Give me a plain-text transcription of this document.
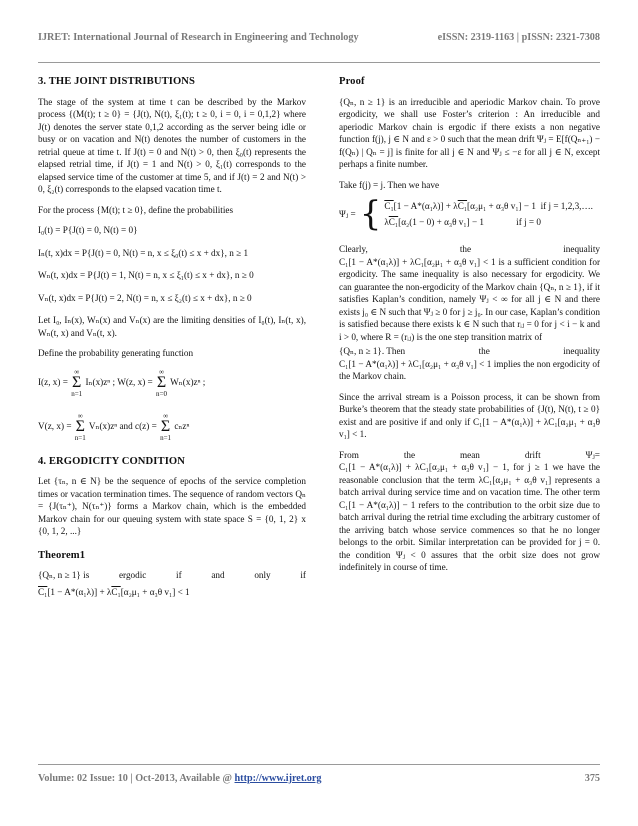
IJRET: International Journal of Research in Engineering and Technology	eISSN: 2319-1163 | pISSN: 2321-7308
3. THE JOINT DISTRIBUTIONS

The stage of the system at time t can be described by the Markov process {(M(t); t ≥ 0} = {J(t), N(t), ξ₁(t); t ≥ 0, i = 0, i = 0,1,2} where J(t) denotes the server state 0,1,2 according as the server being idle or busy or on vacation and N(t) denotes the number of customers in the retrial queue at time t. If J(t) = 0 and N(t) > 0, then ξ₀(t) represents the elapsed retrial time, if J(t) = 1 and N(t) > 0, ξ₁(t) corresponds to the elapsed service time of the customer at time 5, and if J(t) = 2 and N(t) > 0, ξ₂(t) corresponds to the elapsed vacation time t.

For the process {M(t); t ≥ 0}, define the probabilities

I₀(t) = P{J(t) = 0, N(t) = 0}
Iₙ(t, x)dx = P{J(t) = 0, N(t) = n, x ≤ ξ₀(t) ≤ x + dx}, n ≥ 1
Wₙ(t, x)dx = P{J(t) = 1, N(t) = n, x ≤ ξ₁(t) ≤ x + dx}, n ≥ 0
Vₙ(t, x)dx = P{J(t) = 2, N(t) = n, x ≤ ξ₂(t) ≤ x + dx}, n ≥ 0

Let I₀, Iₙ(x), Wₙ(x) and Vₙ(x) are the limiting densities of I₀(t), Iₙ(t, x), Wₙ(t, x) and Vₙ(t, x).

Define the probability generating function

I(z, x) = ∞
Σ
n=1 Iₙ(x)zⁿ ; W(z, x) = ∞
Σ
n=0 Wₙ(x)zⁿ ;
V(z, x) = ∞
Σ
n=1 Vₙ(x)zⁿ and c(z) = ∞
Σ
n=1 cₙzⁿ
4. ERGODICITY CONDITION

Let {τₙ, n ∈ N} be the sequence of epochs of the service completion times or vacation termination times. The sequence of random vectors Qₙ = {J(τₙ⁺), N(τₙ⁺)} forms a Markov chain, which is the embedded Markov chain for our queuing system with state space S = {0, 1, 2} x {0, 1, 2, ...}

Theorem1
{Qₙ, n ≥ 1} is	ergodic	if	and	only	if
C₁[1 − A*(α₁λ)] + λC₁[α₂μ₁ + α₃θ v₁] < 1
Proof

{Qₙ, n ≥ 1} is an irreducible and aperiodic Markov chain. To prove ergodicity, we shall use Foster’s criterion : An irreducible and aperiodic Markov chain is ergodic if there exists a non negative function f(j), j ∈ N and ε > 0 such that the mean drift Ψⱼ = E[f(Qₙ₊₁) − f(Qₙ) | Qₙ = j] is finite for all j ∈ N and Ψⱼ ≤ −ε for all j ∈ N, except perhaps a finite number.

Take f(j) = j. Then we have

Ψⱼ = { C₁[1 − A*(α₁λ)] + λC₁[α₂μ₁ + α₃θ v₁] − 1 if j = 1,2,3,….
λC₁[α₂(1 − 0) + α₃θ v₁] − 1	if j = 0
Clearly,	the	inequality

C₁[1 − A*(α₁λ)] + λC₁[α₂μ₁ + α₃θ v₁] < 1 is a sufficient condition for ergodicity. The same inequality is also necessary for ergodicity. We can guarantee the non-ergodicity of the Markov chain {Qₙ, n ≥ 1}, if it satisfies Kaplan’s condition, namely Ψⱼ < ∞ for all j ∈ N and there exists j₀ ∈ N such that Ψⱼ ≥ 0 for j ≥ j₀. In our case, Kaplan’s condition is satisfied because there exists k ∈ N such that rᵢⱼ = 0 for j < i − k and i > 0, where R = (rᵢⱼ) is the one step transition matrix of

{Qₙ, n ≥ 1}. Then	the	inequality

C₁[1 − A*(α₁λ)] + λC₁[α₂μ₁ + α₃θ v₁] < 1 implies the non ergodicity of the Markov chain.

Since the arrival stream is a Poisson process, it can be shown from Burke’s theorem that the steady state probabilities of {J(t), N(t), t ≥ 0} exist and are positive if and only if C₁[1 − A*(α₁λ)] + λC₁[α₂μ₁ + α₃θ v₁] < 1.

From	the	mean	drift	Ψⱼ=

C₁[1 − A*(α₁λ)] + λC₁[α₂μ₁ + α₃θ v₁] − 1, for j ≥ 1 we have the reasonable conclusion that the term λC₁[α₂μ₁ + α₃θ v₁] represents a batch arrival during service time and on vacation time. The other term C₁[1 − A*(α₁λ)] − 1 refers to the contribution to the orbit size due to batch arrival during the retrial time excluding the arbitrary customer of the arriving batch whose service commences so that he no longer belongs to the orbit. Similar interpretation can be provided for j = 0. the condition Ψⱼ < 0 assures that the orbit size does not grow indefinitely in course of time.

Volume: 02 Issue: 10 | Oct-2013, Available @ http://www.ijret.org	375
